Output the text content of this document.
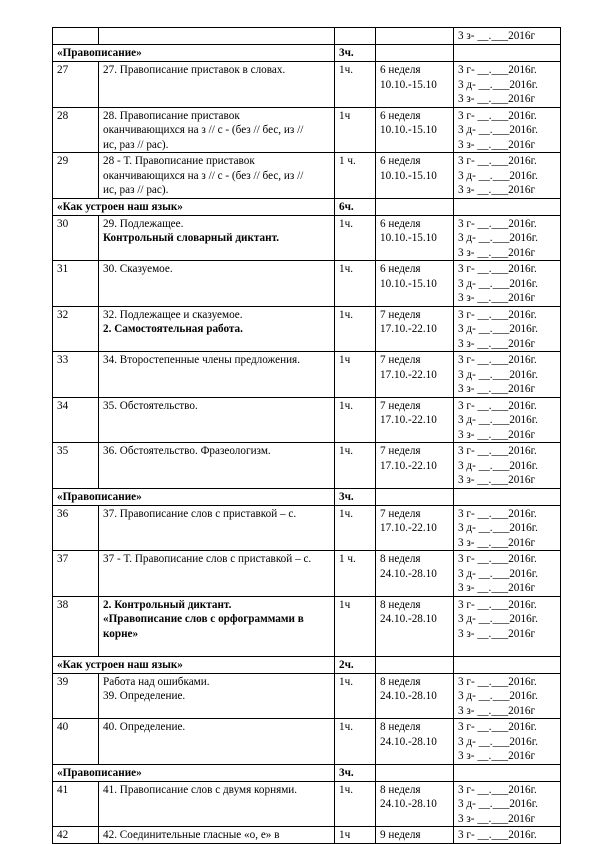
				3 з- __.___2016г
«Правописание»		3ч.		
27	27. Правописание приставок в словах.	1ч.	6 неделя
10.10.-15.10	3 г- __.___2016г.
3 д- __.___2016г.
3 з- __.___2016г

28	28. Правописание приставок
оканчивающихся на з // с - (без // бес, из //
ис, раз // рас).	1ч	6 неделя
10.10.-15.10	3 г- __.___2016г.
3 д- __.___2016г.
3 з- __.___2016г

29	28 - Т. Правописание приставок
оканчивающихся на з // с - (без // бес, из //
ис, раз // рас).	1 ч.	6 неделя
10.10.-15.10	3 г- __.___2016г.
3 д- __.___2016г.
3 з- __.___2016г

«Как устроен наш язык»		6ч.		
30	29. Подлежащее.
Контрольный словарный диктант.	1ч.	6 неделя
10.10.-15.10	3 г- __.___2016г.
3 д- __.___2016г.
3 з- __.___2016г

31	30. Сказуемое.	1ч.	6 неделя
10.10.-15.10	3 г- __.___2016г.
3 д- __.___2016г.
3 з- __.___2016г

32	32. Подлежащее и сказуемое.
2. Самостоятельная работа.	1ч.	7 неделя
17.10.-22.10	3 г- __.___2016г.
3 д- __.___2016г.
3 з- __.___2016г

33	34. Второстепенные члены предложения.	1ч	7 неделя
17.10.-22.10	3 г- __.___2016г.
3 д- __.___2016г.
3 з- __.___2016г

34	35. Обстоятельство.	1ч.	7 неделя
17.10.-22.10	3 г- __.___2016г.
3 д- __.___2016г.
3 з- __.___2016г

35	36. Обстоятельство. Фразеологизм.	1ч.	7 неделя
17.10.-22.10	3 г- __.___2016г.
3 д- __.___2016г.
3 з- __.___2016г

«Правописание»		3ч.		
36	37. Правописание слов с приставкой – с.	1ч.	7 неделя
17.10.-22.10	3 г- __.___2016г.
3 д- __.___2016г.
3 з- __.___2016г

37	37 - Т. Правописание слов с приставкой – с.	1 ч.	8 неделя
24.10.-28.10	3 г- __.___2016г.
3 д- __.___2016г.
3 з- __.___2016г

38	2. Контрольный диктант.
«Правописание слов с орфограммами в
корне»	1ч	8 неделя
24.10.-28.10	3 г- __.___2016г.
3 д- __.___2016г.
3 з- __.___2016г

«Как устроен наш язык»		2ч.		
39	Работа над ошибками.
39. Определение.	1ч.	8 неделя
24.10.-28.10	3 г- __.___2016г.
3 д- __.___2016г.
3 з- __.___2016г

40	40. Определение.	1ч.	8 неделя
24.10.-28.10	3 г- __.___2016г.
3 д- __.___2016г.
3 з- __.___2016г

«Правописание»		3ч.		
41	41. Правописание слов с двумя корнями.	1ч.	8 неделя
24.10.-28.10	3 г- __.___2016г.
3 д- __.___2016г.
3 з- __.___2016г

42	42. Соединительные гласные «о, е» в	1ч	9 неделя	3 г- __.___2016г.
